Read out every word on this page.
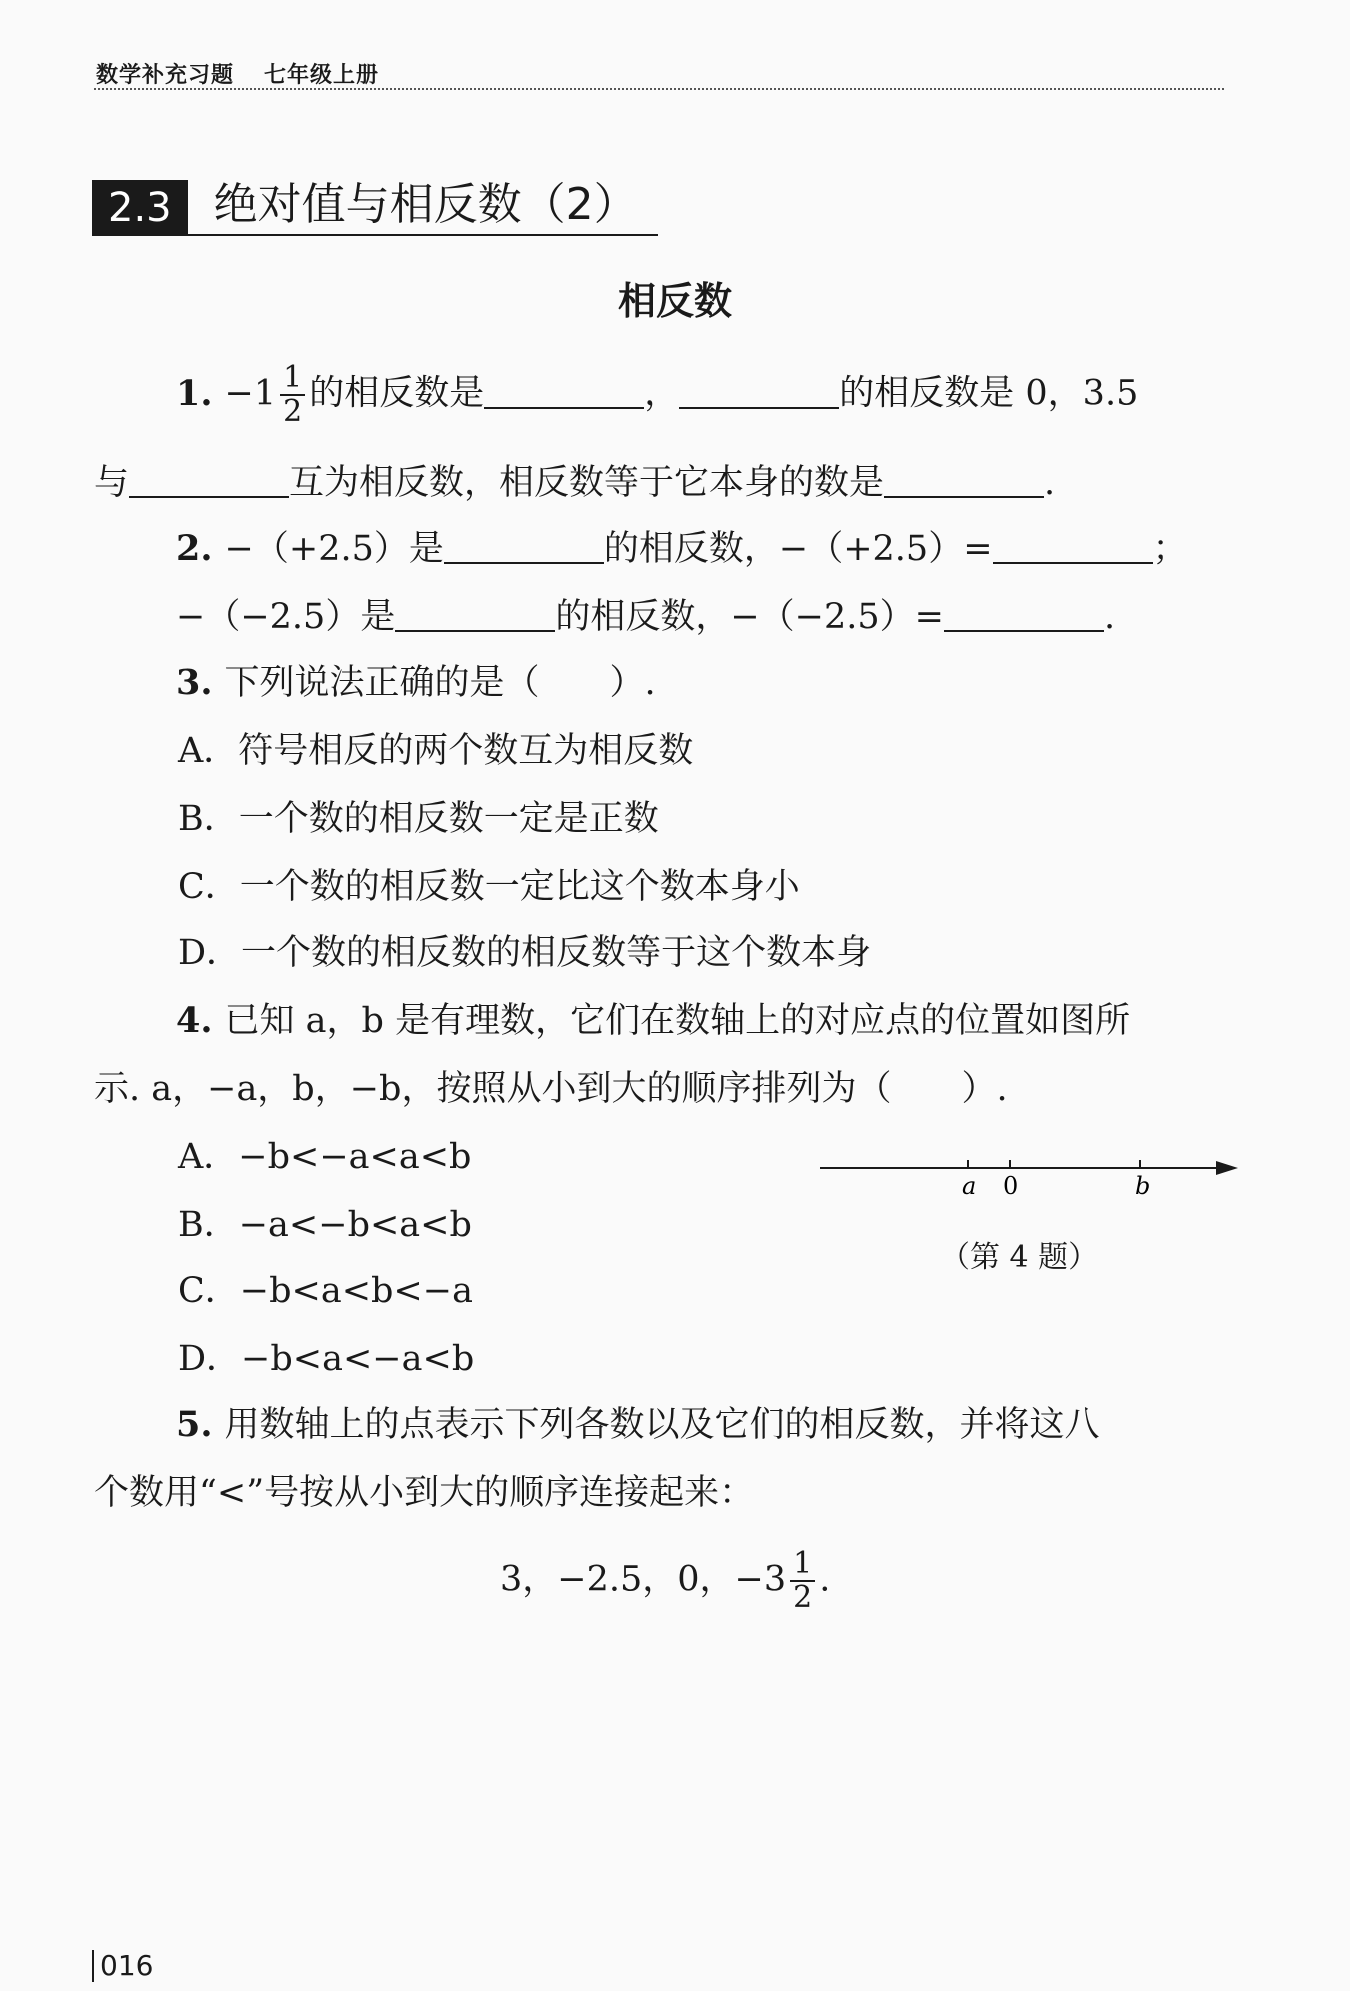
数学补充习题 七年级上册
2.3 绝对值与相反数（2）
相反数
1. $-1 \frac{1}{2}$ 的相反数是	，	的相反数是 0，3.5
与	互为相反数，相反数等于它本身的数是	.
2. −（+2.5）是	的相反数，−（+2.5）=	；
−（−2.5）是	的相反数，−（−2.5）=	.
3. 下列说法正确的是（　　）.
A．符号相反的两个数互为相反数
B．一个数的相反数一定是正数
C．一个数的相反数一定比这个数本身小
D．一个数的相反数的相反数等于这个数本身
4. 已知 a，b 是有理数，它们在数轴上的对应点的位置如图所
示. a，−a，b，−b，按照从小到大的顺序排列为（　　）.
A．−b<−a<a<b
B．−a<−b<a<b
C．−b<a<b<−a
D．−b<a<−a<b
a 0	b
（第 4 题）
5. 用数轴上的点表示下列各数以及它们的相反数，并将这八
个数用“<”号按从小到大的顺序连接起来：
3，−2.5，0，$-3 \frac{1}{2}$ .
016
